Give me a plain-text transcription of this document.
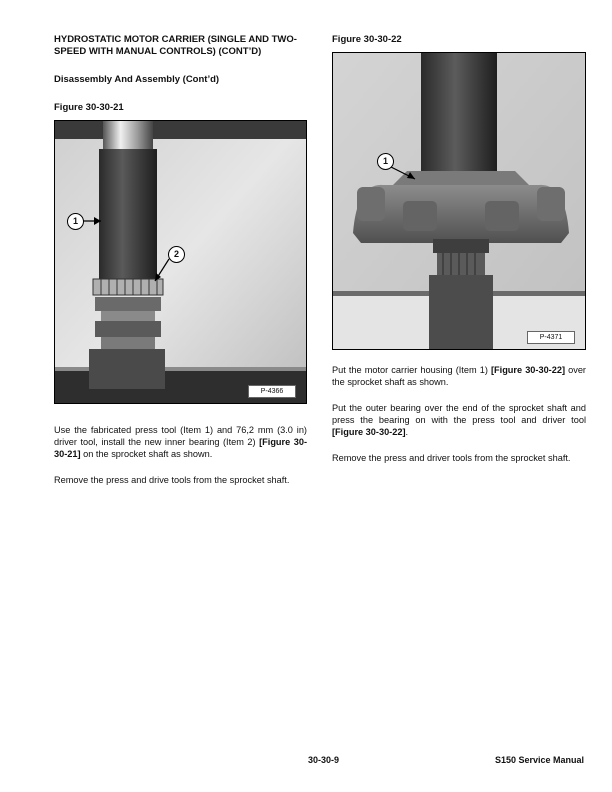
HYDROSTATIC MOTOR CARRIER (SINGLE AND TWO-SPEED WITH MANUAL CONTROLS) (CONT’D)

Disassembly And Assembly (Cont’d)

Figure 30-30-21
1
2
P-4366

Use the fabricated press tool (Item 1) and 76,2 mm (3.0 in) driver tool, install the new inner bearing (Item 2) [Figure 30-30-21] on the sprocket shaft as shown.

Remove the press and drive tools from the sprocket shaft.

Figure 30-30-22
1
P-4371

Put the motor carrier housing (Item 1) [Figure 30-30-22] over the sprocket shaft as shown.

Put the outer bearing over the end of the sprocket shaft and press the bearing on with the press tool and driver tool [Figure 30-30-22].

Remove the press and driver tools from the sprocket shaft.

30-30-9	S150 Service Manual
